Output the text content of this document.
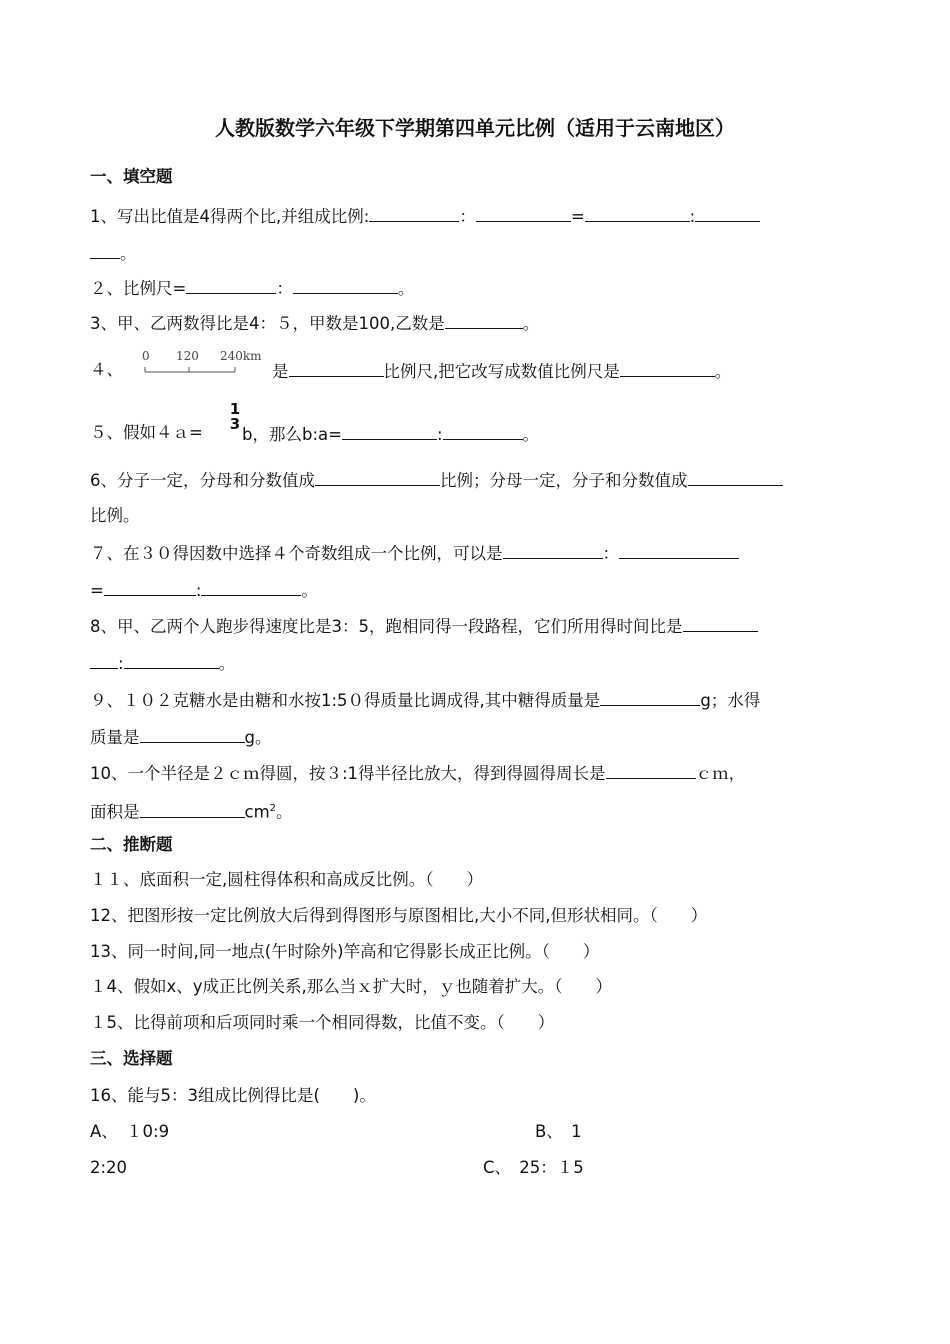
人教版数学六年级下学期第四单元比例（适用于云南地区）
一、填空题
1、写出比值是4得两个比,并组成比例:	：	=	:
。
２、比例尺=	：	。
3、甲、乙两数得比是4：５，甲数是100,乙数是	。
４、
0 120 240km
是	比例尺,把它改写成数值比例尺是	。
５、假如４ａ=
1
3
b，那么b:a=	:	。
6、分子一定，分母和分数值成	比例；分母一定，分子和分数值成
比例。
７、在３０得因数中选择４个奇数组成一个比例，可以是	：
=	:	。
8、甲、乙两个人跑步得速度比是3：5，跑相同得一段路程，它们所用得时间比是
:	。
９、１０２克糖水是由糖和水按1:5０得质量比调成得,其中糖得质量是	g；水得
质量是	g。
10、一个半径是２ｃｍ得圆，按３:1得半径比放大，得到得圆得周长是	ｃｍ，
面积是	$cm^2$。
二、推断题
１１、底面积一定,圆柱得体积和高成反比例。（　　）
12、把图形按一定比例放大后得到得图形与原图相比,大小不同,但形状相同。（　　）
13、同一时间,同一地点(午时除外)竿高和它得影长成正比例。（　　）
１4、假如x、y成正比例关系,那么当ｘ扩大时，ｙ也随着扩大。（　　）
１5、比得前项和后项同时乘一个相同得数，比值不变。（　　）
三、选择题
16、能与5：3组成比例得比是(　　)。
A、　１0:9	B、　1
2:20	C、　25：１5
